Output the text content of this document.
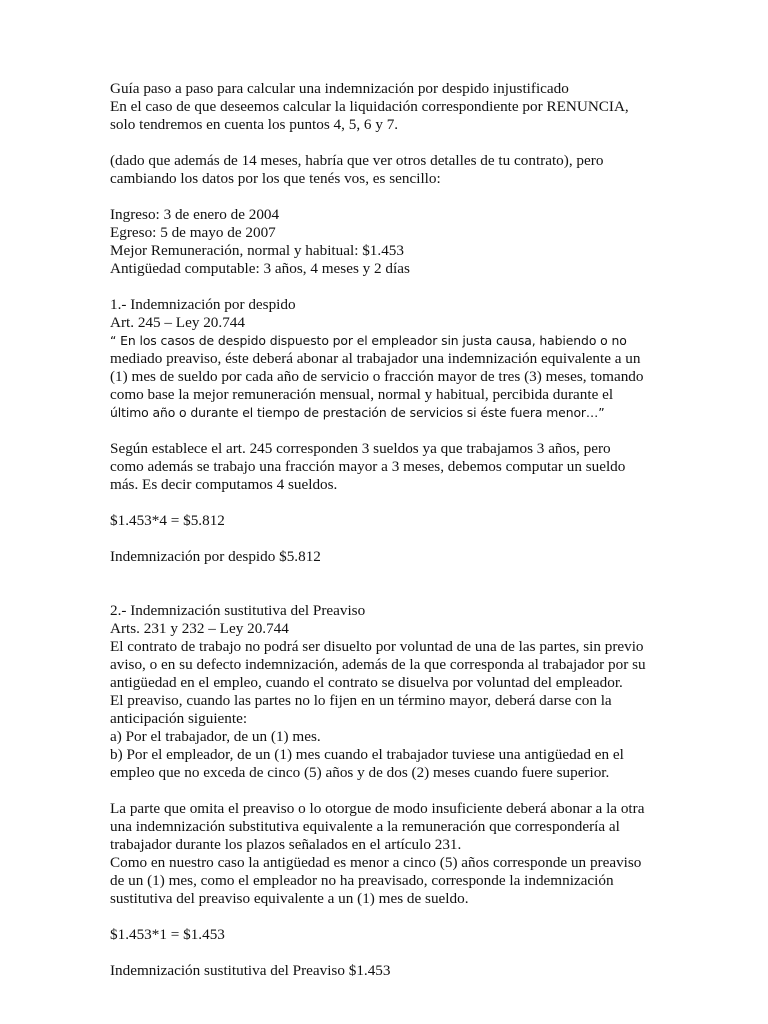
Guía paso a paso para calcular una indemnización por despido injustificado
En el caso de que deseemos calcular la liquidación correspondiente por RENUNCIA,
solo tendremos en cuenta los puntos 4, 5, 6 y 7.
(dado que además de 14 meses, habría que ver otros detalles de tu contrato), pero
cambiando los datos por los que tenés vos, es sencillo:
Ingreso: 3 de enero de 2004
Egreso: 5 de mayo de 2007
Mejor Remuneración, normal y habitual: $1.453
Antigüedad computable: 3 años, 4 meses y 2 días
1.- Indemnización por despido
Art. 245 – Ley 20.744
“ En los casos de despido dispuesto por el empleador sin justa causa, habiendo o no
mediado preaviso, éste deberá abonar al trabajador una indemnización equivalente a un
(1) mes de sueldo por cada año de servicio o fracción mayor de tres (3) meses, tomando
como base la mejor remuneración mensual, normal y habitual, percibida durante el
último año o durante el tiempo de prestación de servicios si éste fuera menor…”
Según establece el art. 245 corresponden 3 sueldos ya que trabajamos 3 años, pero
como además se trabajo una fracción mayor a 3 meses, debemos computar un sueldo
más. Es decir computamos 4 sueldos.
$1.453*4 = $5.812
Indemnización por despido $5.812
2.- Indemnización sustitutiva del Preaviso
Arts. 231 y 232 – Ley 20.744
El contrato de trabajo no podrá ser disuelto por voluntad de una de las partes, sin previo
aviso, o en su defecto indemnización, además de la que corresponda al trabajador por su
antigüedad en el empleo, cuando el contrato se disuelva por voluntad del empleador.
El preaviso, cuando las partes no lo fijen en un término mayor, deberá darse con la
anticipación siguiente:
a) Por el trabajador, de un (1) mes.
b) Por el empleador, de un (1) mes cuando el trabajador tuviese una antigüedad en el
empleo que no exceda de cinco (5) años y de dos (2) meses cuando fuere superior.
La parte que omita el preaviso o lo otorgue de modo insuficiente deberá abonar a la otra
una indemnización substitutiva equivalente a la remuneración que correspondería al
trabajador durante los plazos señalados en el artículo 231.
Como en nuestro caso la antigüedad es menor a cinco (5) años corresponde un preaviso
de un (1) mes, como el empleador no ha preavisado, corresponde la indemnización
sustitutiva del preaviso equivalente a un (1) mes de sueldo.
$1.453*1 = $1.453
Indemnización sustitutiva del Preaviso $1.453
